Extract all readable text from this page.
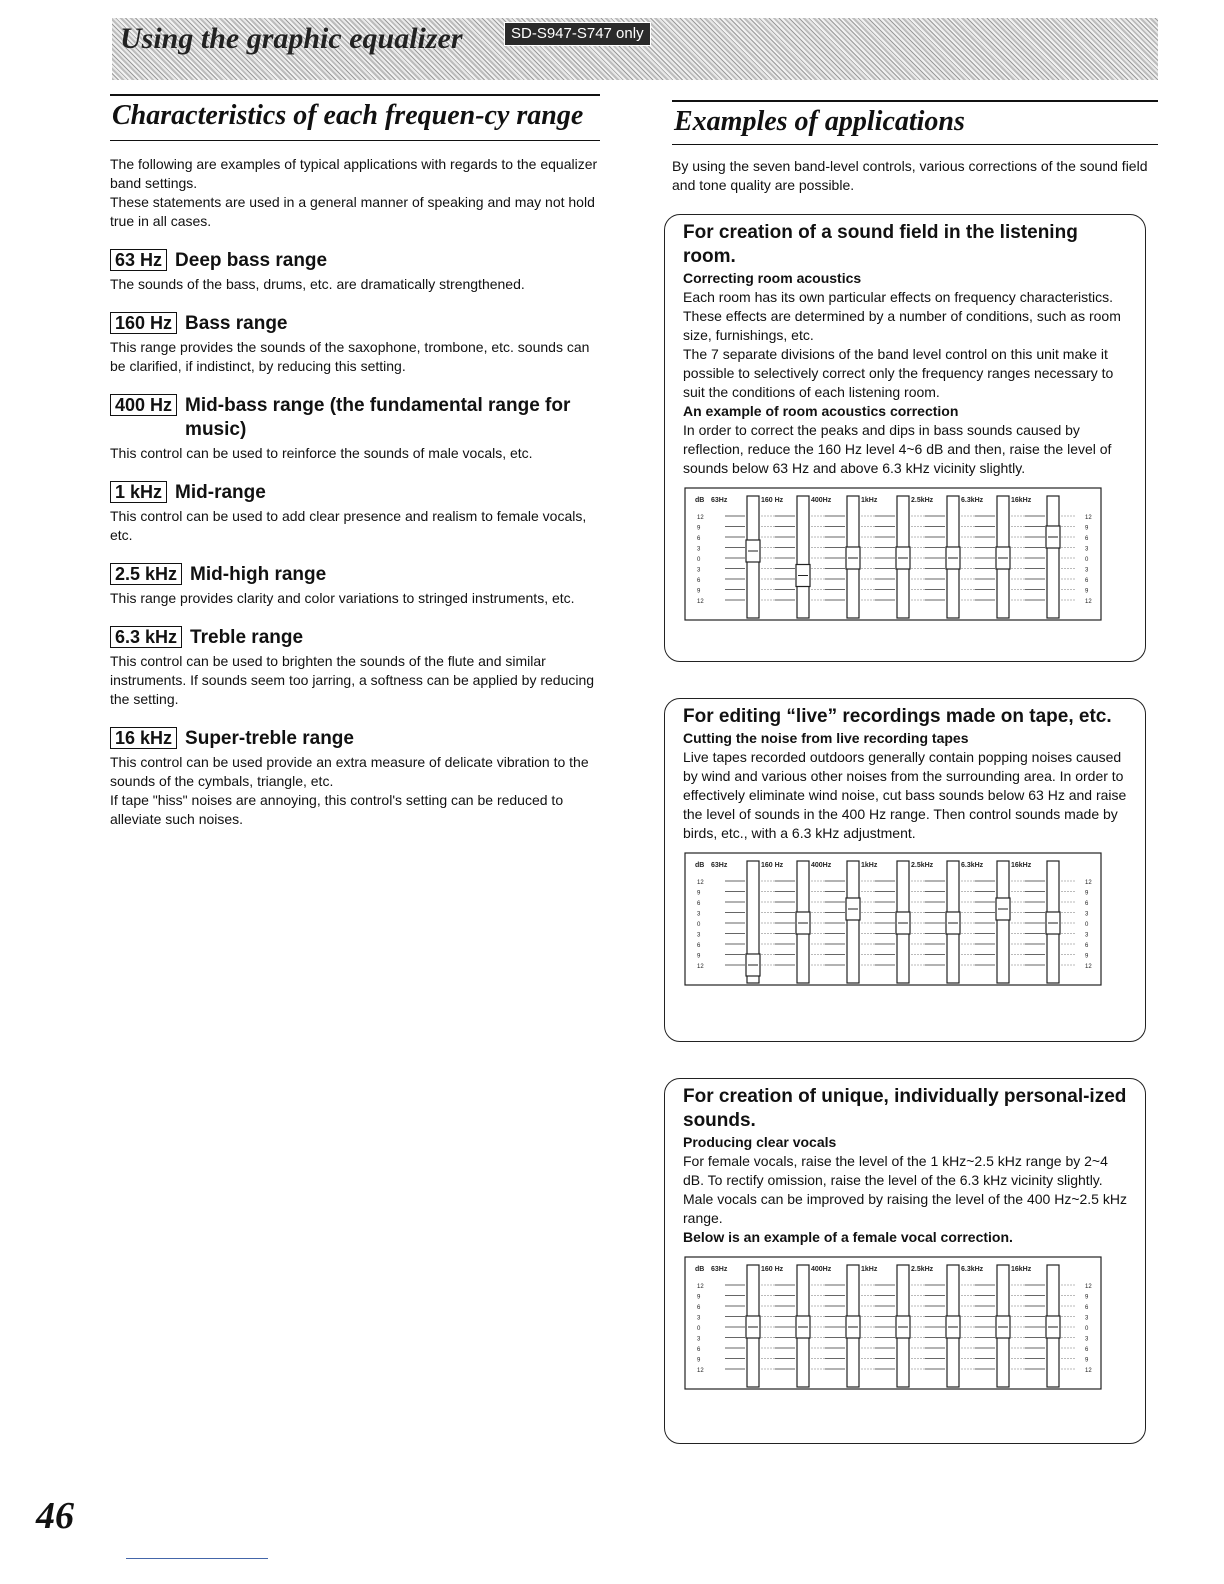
Using the graphic equalizer	SD-S947-S747 only
Characteristics of each frequen-cy range
The following are examples of typical applications with regards to the equalizer band settings.
These statements are used in a general manner of speaking and may not hold true in all cases.
63 Hz Deep bass range
The sounds of the bass, drums, etc. are dramatically strengthened.
160 Hz Bass range
This range provides the sounds of the saxophone, trombone, etc. sounds can be clarified, if indistinct, by reducing this setting.
400 Hz Mid-bass range (the fundamental range for music)
This control can be used to reinforce the sounds of male vocals, etc.
1 kHz Mid-range
This control can be used to add clear presence and realism to female vocals, etc.
2.5 kHz Mid-high range
This range provides clarity and color variations to stringed instruments, etc.
6.3 kHz Treble range
This control can be used to brighten the sounds of the flute and similar instruments. If sounds seem too jarring, a softness can be applied by reducing the setting.
16 kHz Super-treble range
This control can be used provide an extra measure of delicate vibration to the sounds of the cymbals, triangle, etc.
If tape "hiss" noises are annoying, this control's setting can be reduced to alleviate such noises.
Examples of applications
By using the seven band-level controls, various corrections of the sound field and tone quality are possible.
For creation of a sound field in the listening room.
Correcting room acoustics
Each room has its own particular effects on frequency characteristics. These effects are determined by a number of conditions, such as room size, furnishings, etc.
The 7 separate divisions of the band level control on this unit make it possible to selectively correct only the frequency ranges necessary to suit the conditions of each listening room.
An example of room acoustics correction
In order to correct the peaks and dips in bass sounds caused by reflection, reduce the 160 Hz level 4~6 dB and then, raise the level of sounds below 63 Hz and above 6.3 kHz vicinity slightly.
12	12
9	9
6	6
3	3
0	0
3	3
6	6
9	9
12	12
dB 63Hz	160 Hz	400Hz	1kHz	2.5kHz	6.3kHz	16kHz
For editing “live” recordings made on tape, etc.
Cutting the noise from live recording tapes
Live tapes recorded outdoors generally contain popping noises caused by wind and various other noises from the surrounding area. In order to effectively eliminate wind noise, cut bass sounds below 63 Hz and raise the level of sounds in the 400 Hz range. Then control sounds made by birds, etc., with a 6.3 kHz adjustment.
12	12
9	9
6	6
3	3
0	0
3	3
6	6
9	9
12	12
dB 63Hz	160 Hz	400Hz	1kHz	2.5kHz	6.3kHz	16kHz
For creation of unique, individually personal-ized sounds.
Producing clear vocals
For female vocals, raise the level of the 1 kHz~2.5 kHz range by 2~4 dB. To rectify omission, raise the level of the 6.3 kHz vicinity slightly.
Male vocals can be improved by raising the level of the 400 Hz~2.5 kHz range.
Below is an example of a female vocal correction.
12	12
9	9
6	6
3	3
0	0
3	3
6	6
9	9
12	12
dB 63Hz	160 Hz	400Hz	1kHz	2.5kHz	6.3kHz	16kHz
46
